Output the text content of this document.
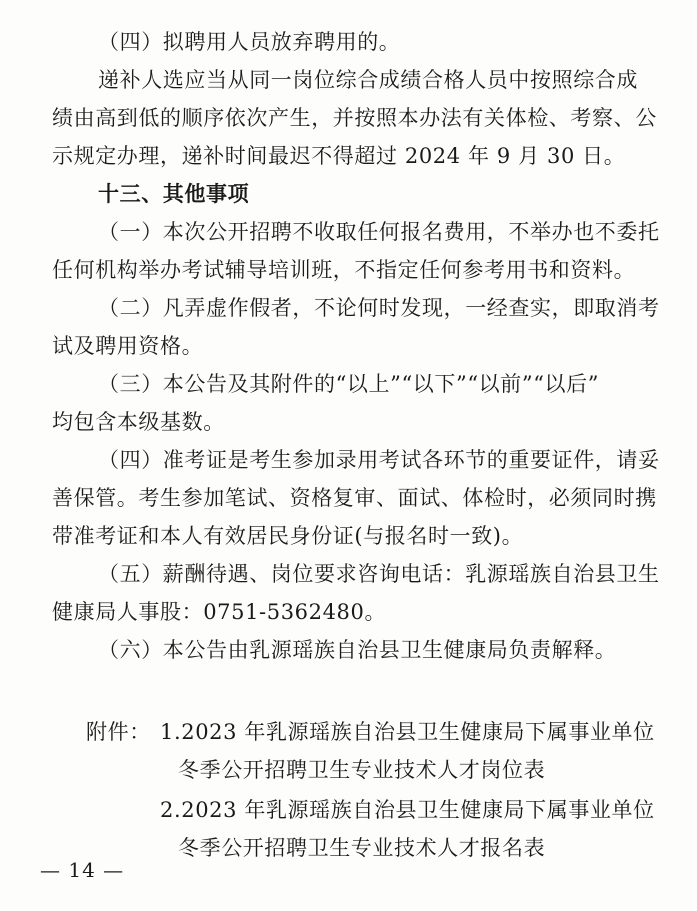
（四）拟聘用人员放弃聘用的。
递补人选应当从同一岗位综合成绩合格人员中按照综合成
绩由高到低的顺序依次产生，并按照本办法有关体检、考察、公
示规定办理，递补时间最迟不得超过 2024 年 9 月 30 日。
十三、其他事项
（一）本次公开招聘不收取任何报名费用，不举办也不委托
任何机构举办考试辅导培训班，不指定任何参考用书和资料。
（二）凡弄虚作假者，不论何时发现，一经查实，即取消考
试及聘用资格。
（三）本公告及其附件的“以上”“以下”“以前”“以后”
均包含本级基数。
（四）准考证是考生参加录用考试各环节的重要证件，请妥
善保管。考生参加笔试、资格复审、面试、体检时，必须同时携
带准考证和本人有效居民身份证(与报名时一致)。
（五）薪酬待遇、岗位要求咨询电话：乳源瑶族自治县卫生
健康局人事股：0751-5362480。
（六）本公告由乳源瑶族自治县卫生健康局负责解释。
附件： 1.2023 年乳源瑶族自治县卫生健康局下属事业单位
冬季公开招聘卫生专业技术人才岗位表
2.2023 年乳源瑶族自治县卫生健康局下属事业单位
冬季公开招聘卫生专业技术人才报名表
— 14 —
